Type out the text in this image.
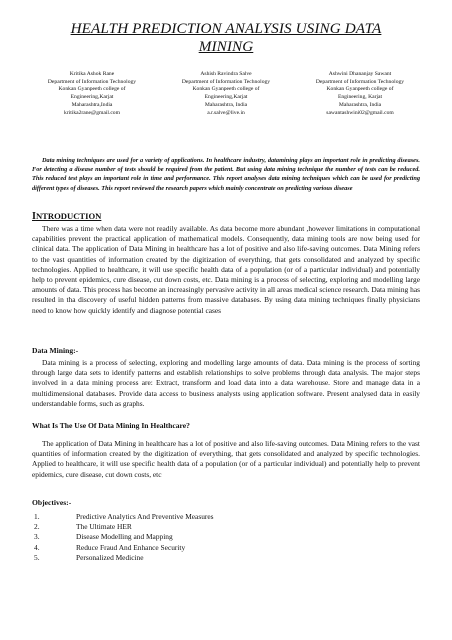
HEALTH PREDICTION ANALYSIS USING DATA
MINING
Kritika Ashok Rane
Department of Information Technology
Konkan Gyanpeeth college of
Engineering,Karjat
Maharashtra,India
kritika2rane@gmail.com
Ashish Ravindra Salve
Department of Information Technology
Konkan Gyanpeeth college of
Engineering,Karjat
Maharashtra, India
a.r.salve@live.in
Ashwini Dhananjay Sawant
Department of Information Technology
Konkan Gyanpeeth college of
Engineering, Karjat
Maharashtra, India
sawantashwini02@gmail.com

Data mining techniques are used for a variety of applications. In healthcare industry, datamining plays an important role in predicting diseases. For detecting a disease number of tests should be required from the patient. But using data mining technique the number of tests can be reduced. This reduced test plays an important role in time and performance. This report analyses data mining techniques which can be used for predicting different types of diseases. This report reviewed the research papers which mainly concentrate on predicting various disease

INTRODUCTION

There was a time when data were not readily available. As data become more abundant ,however limitations in computational capabilities prevent the practical application of mathematical models. Consequently, data mining tools are now being used for clinical data. The application of Data Mining in healthcare has a lot of positive and also life-saving outcomes. Data Mining refers to the vast quantities of information created by the digitization of everything, that gets consolidated and analyzed by specific technologies. Applied to healthcare, it will use specific health data of a population (or of a particular individual) and potentially help to prevent epidemics, cure disease, cut down costs, etc. Data mining is a process of selecting, exploring and modelling large amounts of data. This process has become an increasingly pervasive activity in all areas medical science research. Data mining has resulted in tha discovery of useful hidden patterns from massive databases. By using data mining techniques finally physicians need to know how quickly identify and diagnose potential cases

Data Mining:-

Data mining is a process of selecting, exploring and modelling large amounts of data. Data mining is the process of sorting through large data sets to identify patterns and establish relationships to solve problems through data analysis. The major steps involved in a data mining process are: Extract, transform and load data into a data warehouse. Store and manage data in a multidimensional databases. Provide data access to business analysts using application software. Present analysed data in easily understandable forms, such as graphs.

What Is The Use Of Data Mining In Healthcare?

The application of Data Mining in healthcare has a lot of positive and also life-saving outcomes. Data Mining refers to the vast quantities of information created by the digitization of everything, that gets consolidated and analyzed by specific technologies. Applied to healthcare, it will use specific health data of a population (or of a particular individual) and potentially help to prevent epidemics, cure disease, cut down costs, etc

Objectives:-
1.	Predictive Analytics And Preventive Measures
2.	The Ultimate HER
3.	Disease Modelling and Mapping
4.	Reduce Fraud And Enhance Security
5.	Personalized Medicine
